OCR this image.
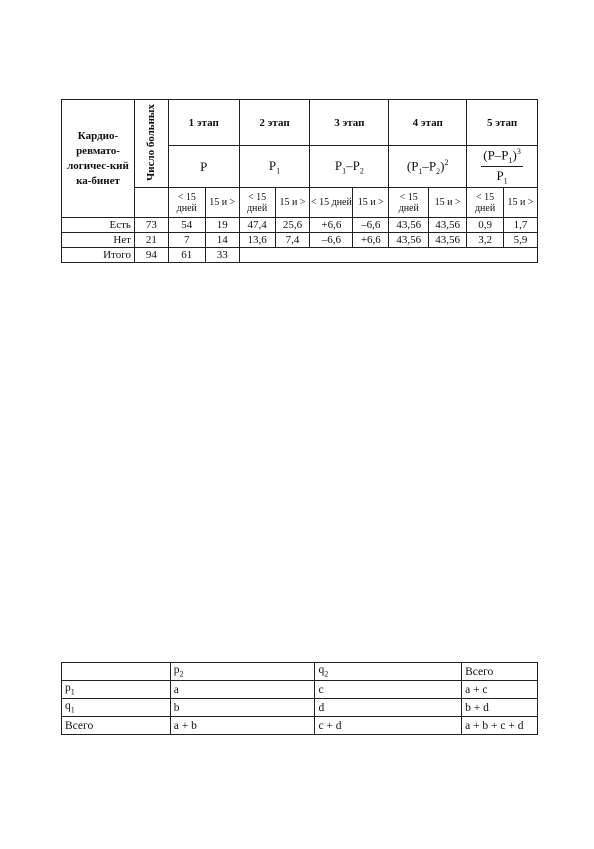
Кардио-ревмато-логичес-кий ка-бинет	Число больных	1 этап		2 этап		3 этап		4 этап		5 этап	
		P		$P_1$		$P_1-P_2$		$(P_1-P_2)^2$		$\frac{(P-P_1)^3}{P_1}$

		< 15 дней	15 и >	< 15 дней	15 и >	< 15 дней	15 и >	< 15 дней	15 и >	< 15 дней	15 и >
Есть	73	54	19	47,4	25,6	+6,6	–6,6	43,56	43,56	0,9	1,7
Нет	21	7	14	13,6	7,4	–6,6	+6,6	43,56	43,56	3,2	5,9
Итого	94	61	33								
	$p_2$	$q_2$	Всего
$p_1$	a	c	a + c
$q_1$	b	d	b + d
Всего	a + b	c + d	a + b + c + d
